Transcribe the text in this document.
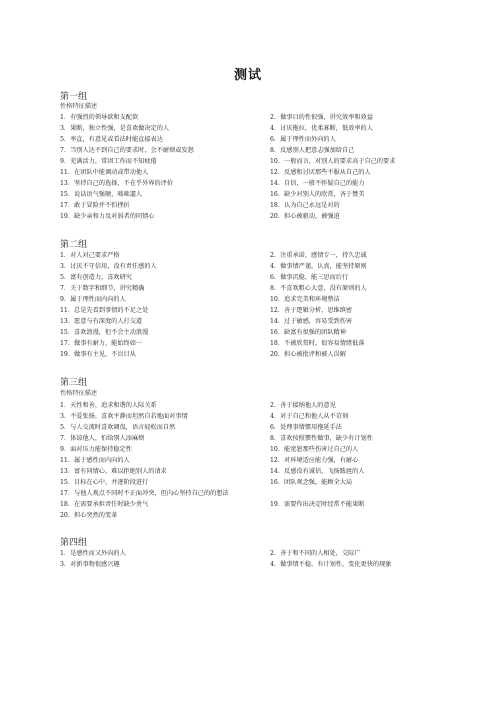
测试
第一组
性格特征描述
1．有强烈的领导欲和支配欲	2．做事目的性很强，讲究效率和效益
3．果断，独立性强，是喜欢做决定的人	4．讨厌拖拉，优柔寡断，低效率的人
5．率直，有意见或看法时能直接表达	6．属于理性而外向的人
7．当别人达不到自己的要求时，会不耐烦或发怒	8．反感别人把意志强加给自己
9．充满活力，常因工作而不知疲倦	10．一般而言，对别人的要求高于自己的要求
11．在团队中能调动或带动他人	12．反感和讨厌那些不服从自己的人
13．坚持自己的选择，不在乎外界的评价	14．自信，一般不怀疑自己的能力
15．说话语气强硬，咄咄逼人	16．缺少对别人的欣赏，吝于赞美
17．敢于冒险并不怕挫折	18．认为自己永远是对的
19．缺少亲和力及对弱者的同情心	20．担心被驱动，被强迫
第二组
1．对人对己要求严格	2．注重承诺，感情专一，持久忠诚
3．讨厌不守信用，没有责任感的人	4．做事情严谨，认真，能坚持原则
5．富有创造力，喜欢研究	6．做事沉稳，能三思而后行
7．关于数字和细节，讲究精确	8．不喜欢粗心大意，没有原则的人
9．属于理性而内向的人	10．追求完美和环境整洁
11．总是先看到事情的不足之处	12．善于逻辑分析，思维缜密
13．愿意与有深度的人打交道	14．过于敏感，容易受到伤害
15．喜欢浪漫，但不会主动浪漫	16．缺富有很强的团队精神
17．做事有耐力，能始终如一	18．不被欣赏时，很容易情绪低落
19．做事有主见，不盲目从	20．担心被批评和被人误解
第三组
性格特征描述
1．天性和善，追求和谐的人际关系	2．善于接纳他人的意见
3．不爱张扬，喜欢平静而坦然自若地面对事情	4．对于自己和他人从不苛刻
5．与人交流时喜欢调侃，语言轻松而自然	6．处理事情惯用拖延手法
7．体谅他人，怕给别人添麻烦	8．喜欢按照惯性做事，缺少有计划性
9．面对压力能保持稳定性	10．能宽恕那些伤害过自己的人
11．属于感性而内向的人	12．对环境适应能力强，有耐心
13．富有同情心，难以拒绝别人的请求	14．反感没有诚信，飞扬跋扈的人
15．目标在心中，并逐阶段进行	16．团队观念强，能顾全大局
17．与他人观点不同时不正面冲突，但内心坚持自己的的想法
18．在需要承担责任时缺少勇气	19．需要作出决定时经常不能果断
20．担心突然的变革
第四组
1．是感性而又外向的人	2．善于和不同的人相处，交际广
3．对新事物很感兴趣	4．做事情不稳，有计划性，变化更快的现象
